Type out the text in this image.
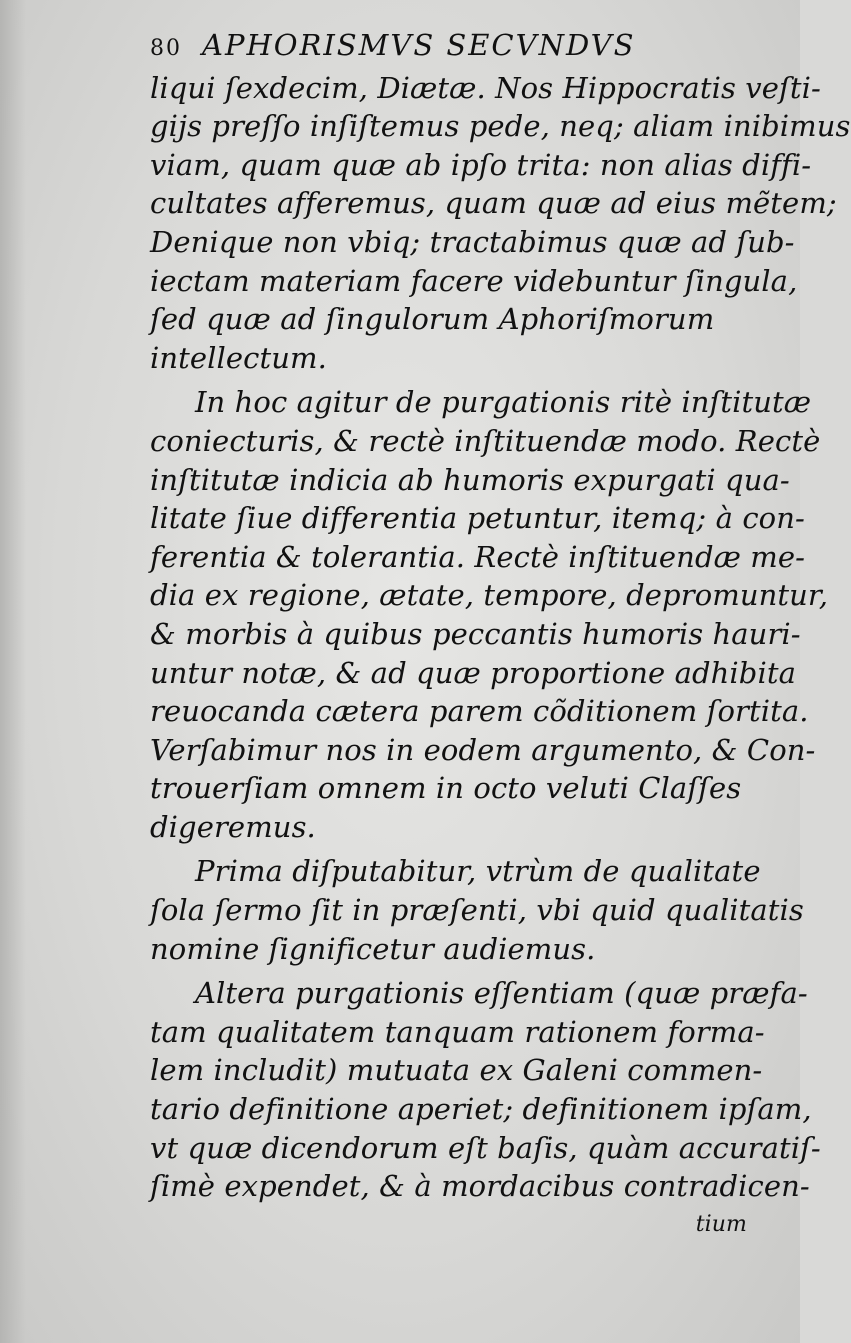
80 APHORISMVS SECVNDVS
liqui ſexdecim, Diætæ. Nos Hippocratis veſti-
gijs preſſo inſiſtemus pede, neq; aliam inibimus
viam, quam quæ ab ipſo trita: non alias diffi-
cultates afferemus, quam quæ ad eius mẽtem;
Denique non vbiq; tractabimus quæ ad ſub-
iectam materiam facere videbuntur ſingula,
ſed quæ ad ſingulorum Aphoriſmorum
intellectum.
In hoc agitur de purgationis ritè inſtitutæ
coniecturis, & rectè inſtituendæ modo. Rectè
inſtitutæ indicia ab humoris expurgati qua-
litate ſiue differentia petuntur, itemq; à con-
ferentia & tolerantia. Rectè inſtituendæ me-
dia ex regione, ætate, tempore, depromuntur,
& morbis à quibus peccantis humoris hauri-
untur notæ, & ad quæ proportione adhibita
reuocanda cætera parem cõditionem ſortita.
Verſabimur nos in eodem argumento, & Con-
trouerſiam omnem in octo veluti Claſſes
digeremus.
Prima diſputabitur, vtrùm de qualitate
ſola ſermo ſit in præſenti, vbi quid qualitatis
nomine ſignificetur audiemus.
Altera purgationis eſſentiam (quæ præfa-
tam qualitatem tanquam rationem forma-
lem includit) mutuata ex Galeni commen-
tario definitione aperiet; definitionem ipſam,
vt quæ dicendorum eſt baſis, quàm accuratiſ-
ſimè expendet, & à mordacibus contradicen-
tium
